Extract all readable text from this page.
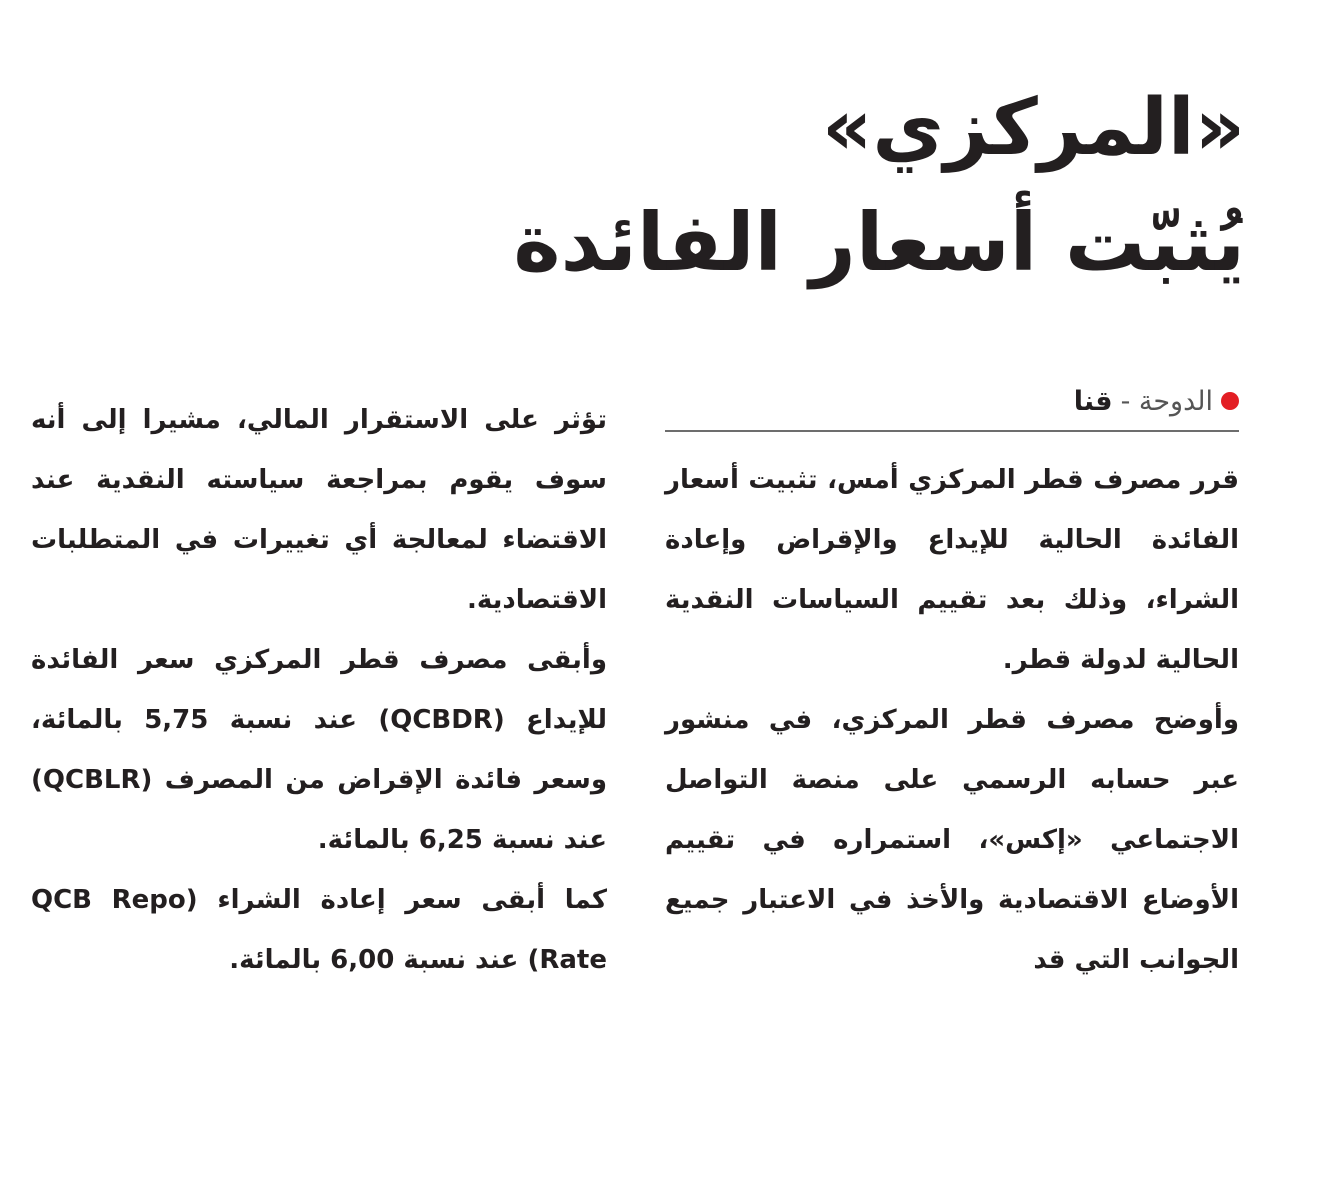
«المركزي»
يُثبّت أسعار الفائدة
الدوحة -
قنا

قرر مصرف قطر المركزي أمس، تثبيت أسعار الفائدة الحالية للإيداع والإقراض وإعادة الشراء، وذلك بعد تقييم السياسات النقدية الحالية لدولة قطر.

وأوضح مصرف قطر المركزي، في منشور عبر حسابه الرسمي على منصة التواصل الاجتماعي «إكس»، استمراره في تقييم الأوضاع الاقتصادية والأخذ في الاعتبار جميع الجوانب التي قد

تؤثر على الاستقرار المالي، مشيرا إلى أنه سوف يقوم بمراجعة سياسته النقدية عند الاقتضاء لمعالجة أي تغييرات في المتطلبات الاقتصادية.

وأبقى مصرف قطر المركزي سعر الفائدة للإيداع (QCBDR) عند نسبة 5,75 بالمائة، وسعر فائدة الإقراض من المصرف (QCBLR) عند نسبة 6,25 بالمائة.

كما أبقى سعر إعادة الشراء (QCB Repo Rate) عند نسبة 6,00 بالمائة.
